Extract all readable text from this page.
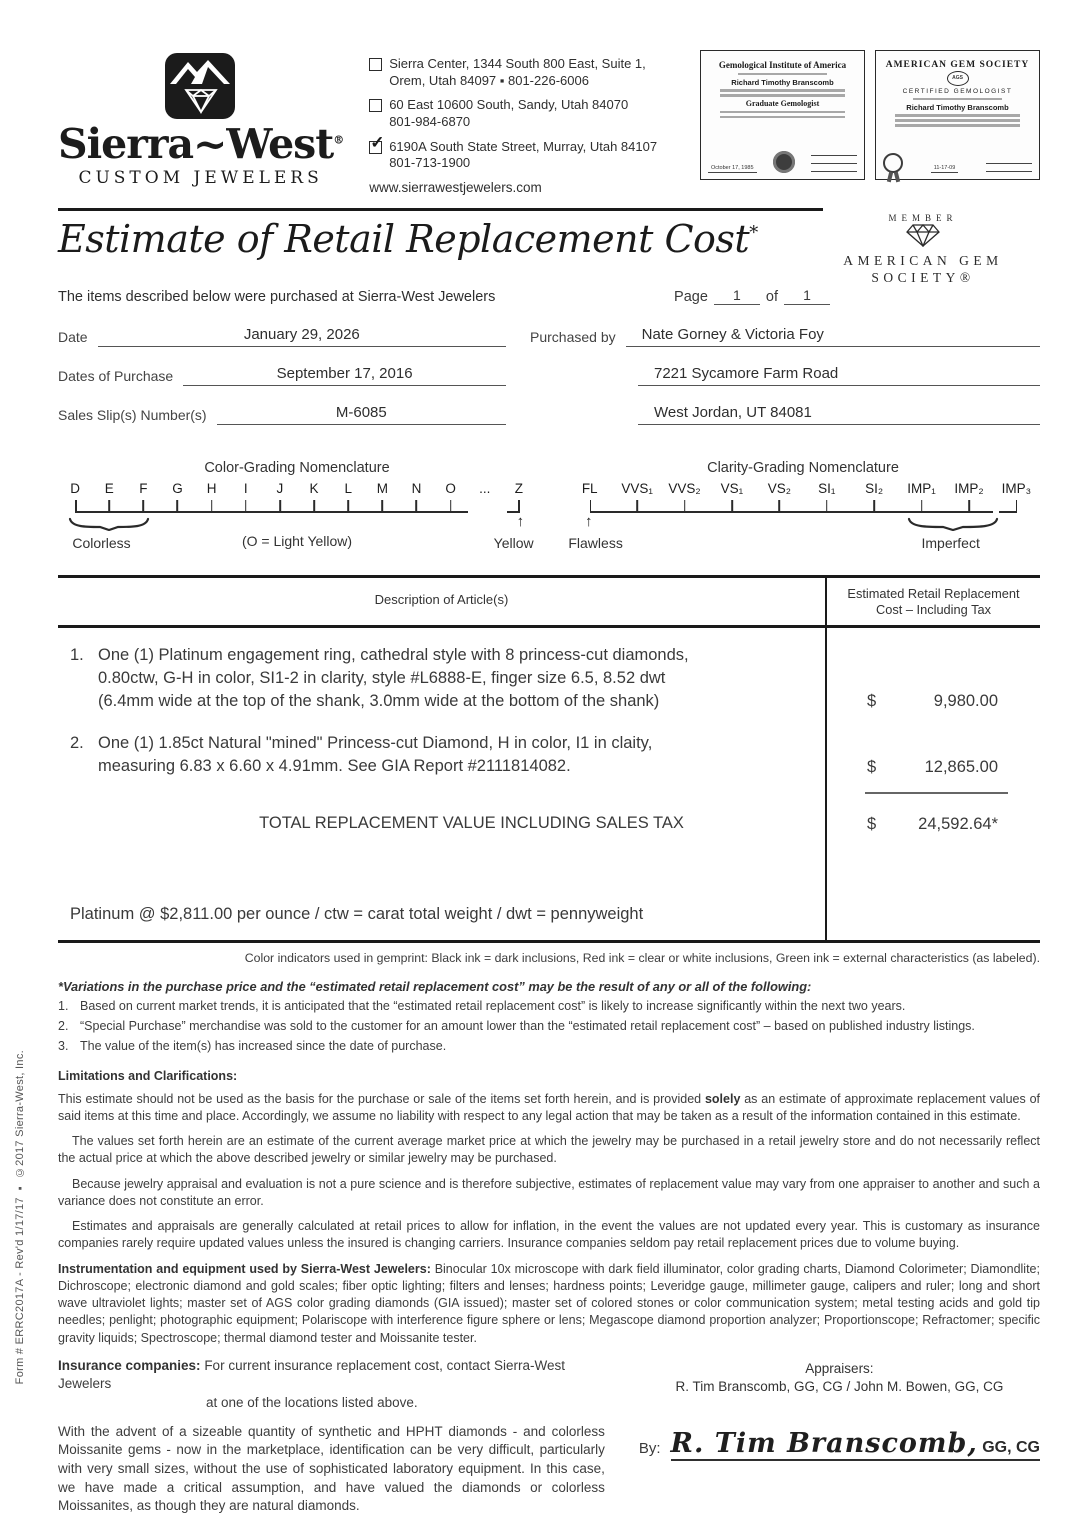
Sierra~West®
CUSTOM JEWELERS
Sierra Center, 1344 South 800 East, Suite 1,
Orem, Utah 84097 ▪ 801-226-6006
60 East 10600 South, Sandy, Utah 84070
801-984-6870
✓ 6190A South State Street, Murray, Utah 84107
801-713-1900
www.sierrawestjewelers.com
Gemological Institute of America
Richard Timothy Branscomb
Graduate Gemologist
October 17, 1985
AMERICAN GEM SOCIETY
AGS
CERTIFIED GEMOLOGIST
Richard Timothy Branscomb
11-17-09
Estimate of Retail Replacement Cost*
MEMBER
AMERICAN GEM
SOCIETY®
The items described below were purchased at Sierra-West Jewelers	Page	1	of	1
Date	January 29, 2026
Dates of Purchase	September 17, 2016
Sales Slip(s) Number(s)	M-6085
Purchased by	Nate Gorney & Victoria Foy
7221 Sycamore Farm Road
West Jordan, UT 84081
Color-Grading Nomenclature
D	E	F	G	H	I	J	K	L	M	N	O	...	Z
Colorless	(O = Light Yellow)
↑
Yellow
Clarity-Grading Nomenclature
FL	VVS₁	VVS₂	VS₁	VS₂	SI₁	SI₂	IMP₁	IMP₂	IMP₃
↑
Flawless	Imperfect
Description of Article(s)	Estimated Retail Replacement
Cost – Including Tax
1. One (1) Platinum engagement ring, cathedral style with 8 princess-cut diamonds,
0.80ctw, G-H in color, SI1-2 in clarity, style #L6888-E, finger size 6.5, 8.52 dwt
(6.4mm wide at the top of the shank, 3.0mm wide at the bottom of the shank)	$	9,980.00
2. One (1) 1.85ct Natural "mined" Princess-cut Diamond, H in color, I1 in claity,
measuring 6.83 x 6.60 x 4.91mm. See GIA Report #2111814082.	$	12,865.00
TOTAL REPLACEMENT VALUE INCLUDING SALES TAX	$	24,592.64*
Platinum @ $2,811.00 per ounce / ctw = carat total weight / dwt = pennyweight
Color indicators used in gemprint: Black ink = dark inclusions, Red ink = clear or white inclusions, Green ink = external characteristics (as labeled).
*Variations in the purchase price and the “estimated retail replacement cost” may be the result of any or all of the following:
1. Based on current market trends, it is anticipated that the “estimated retail replacement cost” is likely to increase significantly within the next two years.
2. “Special Purchase” merchandise was sold to the customer for an amount lower than the “estimated retail replacement cost” – based on published industry listings.
3. The value of the item(s) has increased since the date of purchase.
Limitations and Clarifications:

This estimate should not be used as the basis for the purchase or sale of the items set forth herein, and is provided solely as an estimate of approximate replacement values of said items at this time and place. Accordingly, we assume no liability with respect to any legal action that may be taken as a result of the information contained in this estimate.

The values set forth herein are an estimate of the current average market price at which the jewelry may be purchased in a retail jewelry store and do not necessarily reflect the actual price at which the above described jewelry or similar jewelry may be purchased.

Because jewelry appraisal and evaluation is not a pure science and is therefore subjective, estimates of replacement value may vary from one appraiser to another and such a variance does not constitute an error.

Estimates and appraisals are generally calculated at retail prices to allow for inflation, in the event the values are not updated every year. This is customary as insurance companies rarely require updated values unless the insured is changing carriers. Insurance companies seldom pay retail replacement prices due to volume buying.

Instrumentation and equipment used by Sierra-West Jewelers: Binocular 10x microscope with dark field illuminator, color grading charts, Diamond Colorimeter; Diamondlite; Dichroscope; electronic diamond and gold scales; fiber optic lighting; filters and lenses; hardness points; Leveridge gauge, millimeter gauge, calipers and ruler; long and short wave ultraviolet lights; master set of AGS color grading diamonds (GIA issued); master set of colored stones or color communication system; metal testing acids and gold tip needles; penlight; photographic equipment; Polariscope with interference figure sphere or lens; Megascope diamond proportion analyzer; Proportionscope; Refractomer; specific gravity liquids; Spectroscope; thermal diamond tester and Moissanite tester.

Insurance companies: For current insurance replacement cost, contact Sierra-West Jewelers
at one of the locations listed above.

With the advent of a sizeable quantity of synthetic and HPHT diamonds - and colorless Moissanite gems - now in the marketplace, identification can be very difficult, particularly with very small sizes, without the use of sophisticated laboratory equipment. In this case, we have made a critical assumption, and have valued the diamonds or colorless Moissanites, as though they are natural diamonds.

Appraisers:
R. Tim Branscomb, GG, CG / John M. Bowen, GG, CG
By: R. Tim Branscomb, GG, CG
Form # ERRC2017A - Rev'd 1/17/17 ▪ ©2017 Sierra-West, Inc.
